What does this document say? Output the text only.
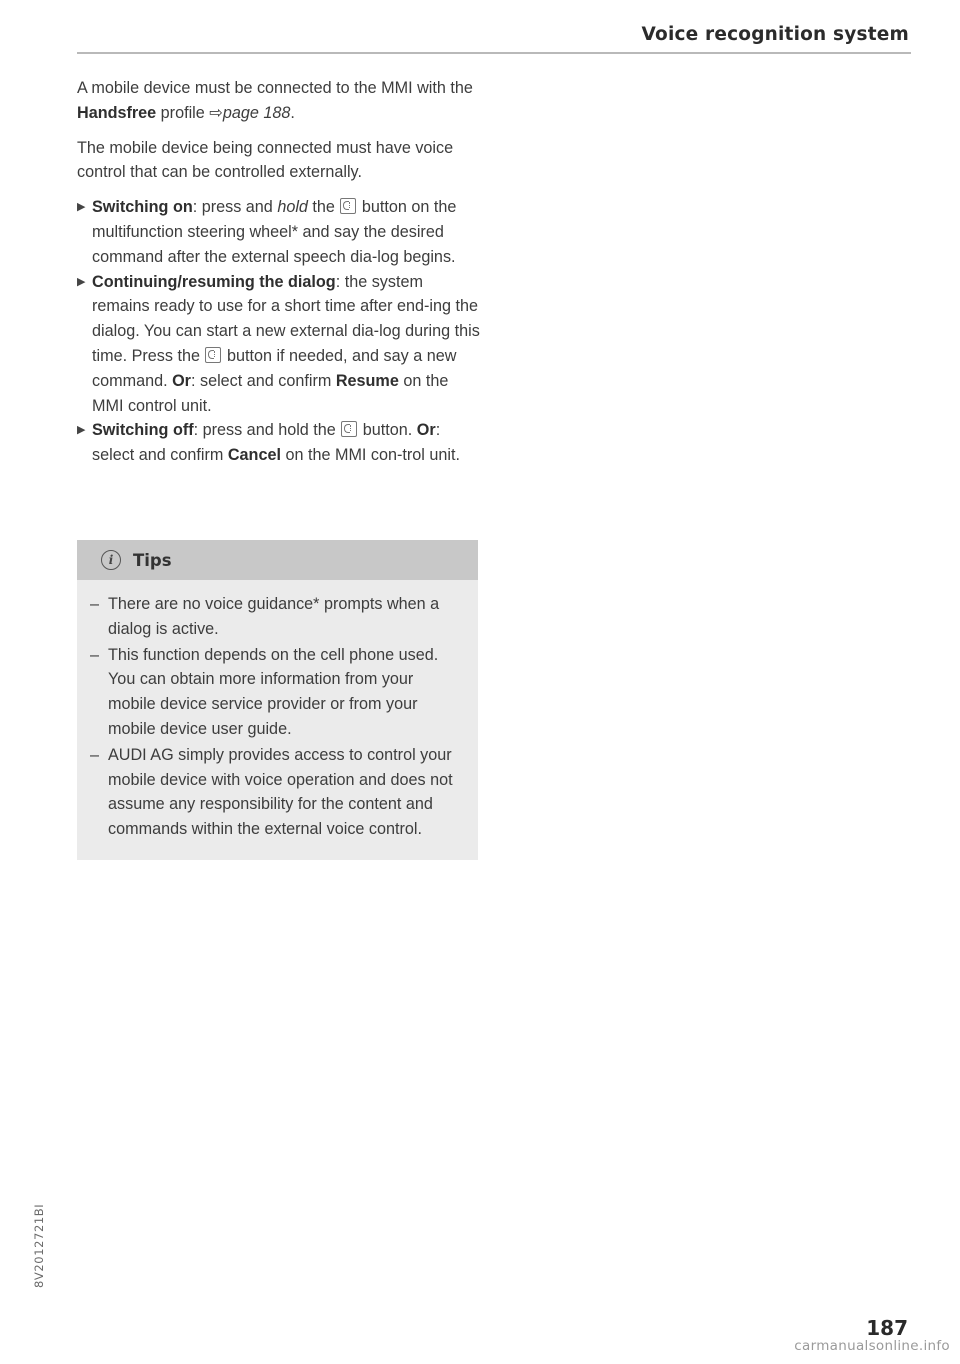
Voice recognition system

A mobile device must be connected to the MMI with the Handsfree profile ⇨page 188.

The mobile device being connected must have voice control that can be controlled externally.

▶ Switching on: press and hold the  button on the multifunction steering wheel* and say the desired command after the external speech dia-log begins.
▶ Continuing/resuming the dialog: the system remains ready to use for a short time after end-ing the dialog. You can start a new external dia-log during this time. Press the  button if needed, and say a new command. Or: select and confirm Resume on the MMI control unit.
▶ Switching off: press and hold the  button. Or: select and confirm Cancel on the MMI con-trol unit.
i	Tips
– There are no voice guidance* prompts when a dialog is active.
– This function depends on the cell phone used. You can obtain more information from your mobile device service provider or from your mobile device user guide.
– AUDI AG simply provides access to control your mobile device with voice operation and does not assume any responsibility for the content and commands within the external voice control.
8V2012721BI
187
carmanualsonline.info
